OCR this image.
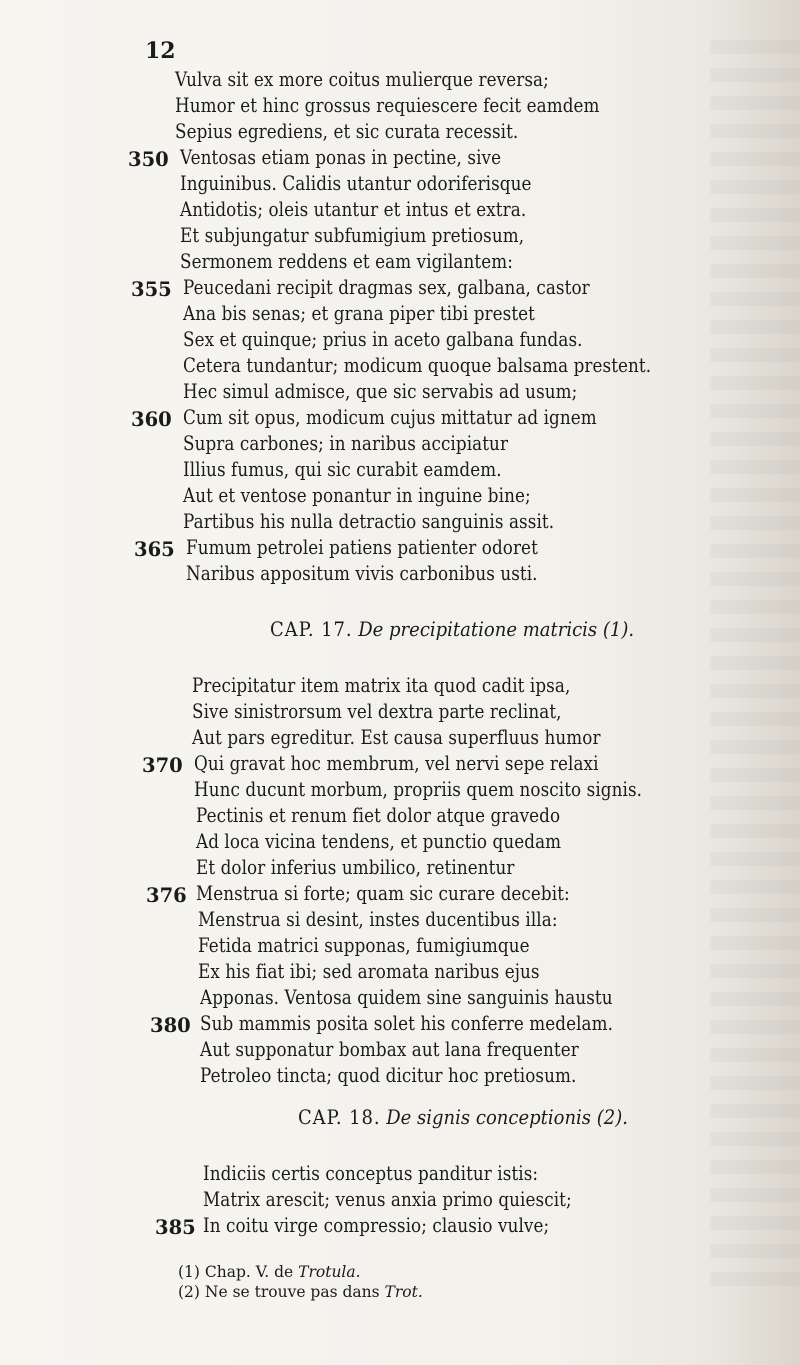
12
Vulva sit ex more coitus mulierque reversa;
Humor et hinc grossus requiescere fecit eamdem
Sepius egrediens, et sic curata recessit.
350 Ventosas etiam ponas in pectine, sive
Inguinibus. Calidis utantur odoriferisque
Antidotis; oleis utantur et intus et extra.
Et subjungatur subfumigium pretiosum,
Sermonem reddens et eam vigilantem:
355 Peucedani recipit dragmas sex, galbana, castor
Ana bis senas; et grana piper tibi prestet
Sex et quinque; prius in aceto galbana fundas.
Cetera tundantur; modicum quoque balsama prestent.
Hec simul admisce, que sic servabis ad usum;
360 Cum sit opus, modicum cujus mittatur ad ignem
Supra carbones; in naribus accipiatur
Illius fumus, qui sic curabit eamdem.
Aut et ventose ponantur in inguine bine;
Partibus his nulla detractio sanguinis assit.
365 Fumum petrolei patiens patienter odoret
Naribus appositum vivis carbonibus usti.
CAP. 17. De precipitatione matricis (1).
Precipitatur item matrix ita quod cadit ipsa,
Sive sinistrorsum vel dextra parte reclinat,
Aut pars egreditur. Est causa superfluus humor
370 Qui gravat hoc membrum, vel nervi sepe relaxi
Hunc ducunt morbum, propriis quem noscito signis.
Pectinis et renum fiet dolor atque gravedo
Ad loca vicina tendens, et punctio quedam
Et dolor inferius umbilico, retinentur
376 Menstrua si forte; quam sic curare decebit:
Menstrua si desint, instes ducentibus illa:
Fetida matrici supponas, fumigiumque
Ex his fiat ibi; sed aromata naribus ejus
Apponas. Ventosa quidem sine sanguinis haustu
380 Sub mammis posita solet his conferre medelam.
Aut supponatur bombax aut lana frequenter
Petroleo tincta; quod dicitur hoc pretiosum.
CAP. 18. De signis conceptionis (2).
Indiciis certis conceptus panditur istis:
Matrix arescit; venus anxia primo quiescit;
385 In coitu virge compressio; clausio vulve;
(1) Chap. V. de Trotula.
(2) Ne se trouve pas dans Trot.
